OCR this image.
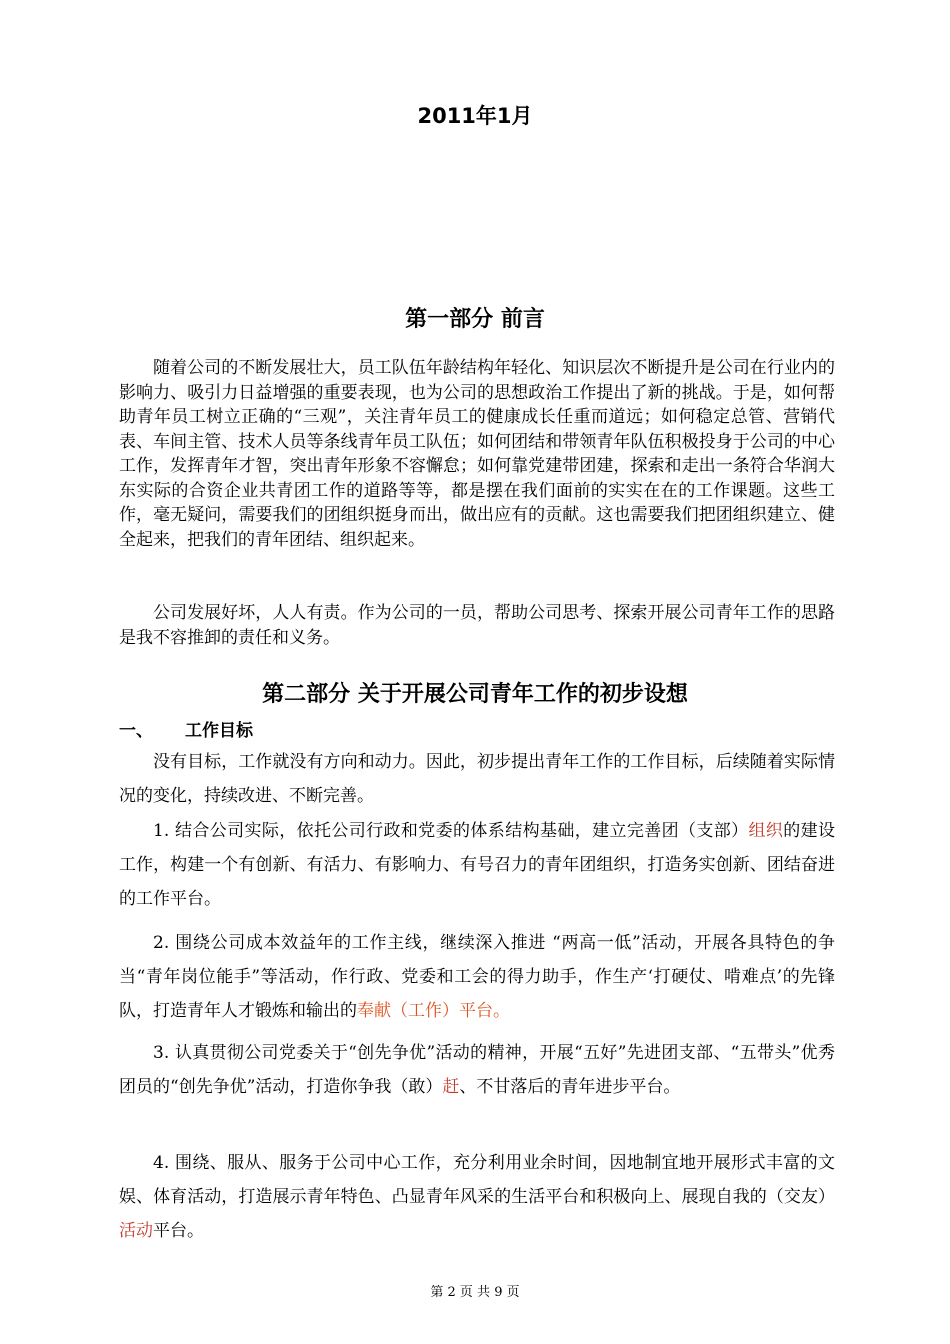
2011年1月
第一部分 前言

随着公司的不断发展壮大，员工队伍年龄结构年轻化、知识层次不断提升是公司在行业内的影响力、吸引力日益增强的重要表现，也为公司的思想政治工作提出了新的挑战。于是，如何帮助青年员工树立正确的“三观”，关注青年员工的健康成长任重而道远；如何稳定总管、营销代表、车间主管、技术人员等条线青年员工队伍；如何团结和带领青年队伍积极投身于公司的中心工作，发挥青年才智，突出青年形象不容懈怠；如何靠党建带团建，探索和走出一条符合华润大东实际的合资企业共青团工作的道路等等，都是摆在我们面前的实实在在的工作课题。这些工作，毫无疑问，需要我们的团组织挺身而出，做出应有的贡献。这也需要我们把团组织建立、健全起来，把我们的青年团结、组织起来。

公司发展好坏，人人有责。作为公司的一员，帮助公司思考、探索开展公司青年工作的思路是我不容推卸的责任和义务。

第二部分 关于开展公司青年工作的初步设想
一、 工作目标

没有目标，工作就没有方向和动力。因此，初步提出青年工作的工作目标，后续随着实际情况的变化，持续改进、不断完善。

1. 结合公司实际，依托公司行政和党委的体系结构基础，建立完善团（支部）组织的建设工作，构建一个有创新、有活力、有影响力、有号召力的青年团组织，打造务实创新、团结奋进的工作平台。

2. 围绕公司成本效益年的工作主线，继续深入推进 “两高一低”活动，开展各具特色的争当“青年岗位能手”等活动，作行政、党委和工会的得力助手，作生产‘打硬仗、啃难点’的先锋队，打造青年人才锻炼和输出的奉献（工作）平台。

3. 认真贯彻公司党委关于“创先争优”活动的精神，开展“五好”先进团支部、“五带头”优秀团员的“创先争优”活动，打造你争我（敢）赶、不甘落后的青年进步平台。

4. 围绕、服从、服务于公司中心工作，充分利用业余时间，因地制宜地开展形式丰富的文娱、体育活动，打造展示青年特色、凸显青年风采的生活平台和积极向上、展现自我的（交友）活动平台。

第 2 页 共 9 页
